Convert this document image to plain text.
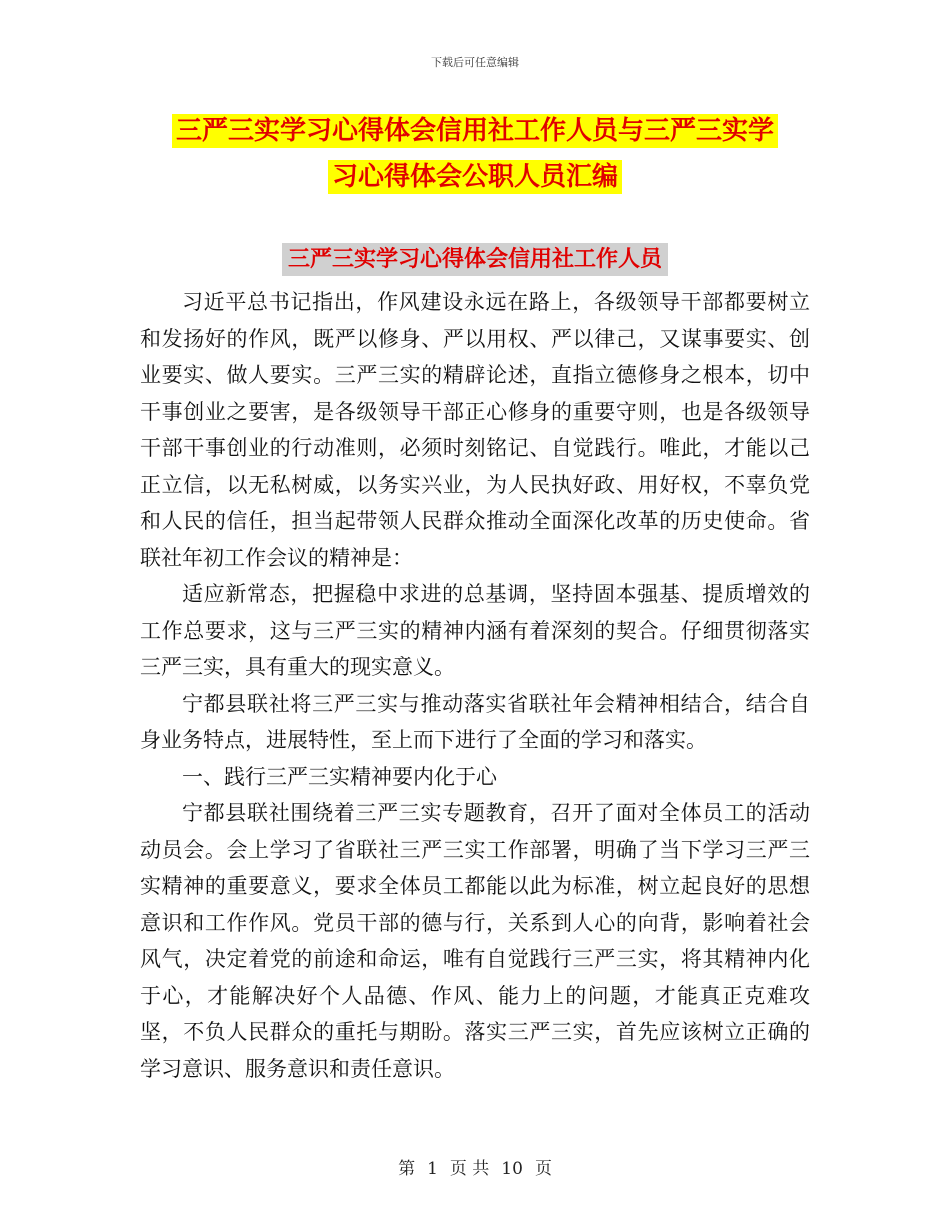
下载后可任意编辑
三严三实学习心得体会信用社工作人员与三严三实学
习心得体会公职人员汇编
三严三实学习心得体会信用社工作人员

习近平总书记指出，作风建设永远在路上，各级领导干部都要树立和发扬好的作风，既严以修身、严以用权、严以律己，又谋事要实、创业要实、做人要实。三严三实的精辟论述，直指立德修身之根本，切中干事创业之要害，是各级领导干部正心修身的重要守则，也是各级领导干部干事创业的行动准则，必须时刻铭记、自觉践行。唯此，才能以己正立信，以无私树威，以务实兴业，为人民执好政、用好权，不辜负党和人民的信任，担当起带领人民群众推动全面深化改革的历史使命。省联社年初工作会议的精神是：

适应新常态，把握稳中求进的总基调，坚持固本强基、提质增效的工作总要求，这与三严三实的精神内涵有着深刻的契合。仔细贯彻落实三严三实，具有重大的现实意义。

宁都县联社将三严三实与推动落实省联社年会精神相结合，结合自身业务特点，进展特性，至上而下进行了全面的学习和落实。

一、践行三严三实精神要内化于心

宁都县联社围绕着三严三实专题教育，召开了面对全体员工的活动动员会。会上学习了省联社三严三实工作部署，明确了当下学习三严三实精神的重要意义，要求全体员工都能以此为标准，树立起良好的思想意识和工作作风。党员干部的德与行，关系到人心的向背，影响着社会风气，决定着党的前途和命运，唯有自觉践行三严三实，将其精神内化于心，才能解决好个人品德、作风、能力上的问题，才能真正克难攻坚，不负人民群众的重托与期盼。落实三严三实，首先应该树立正确的学习意识、服务意识和责任意识。

第 1 页 共 10 页
